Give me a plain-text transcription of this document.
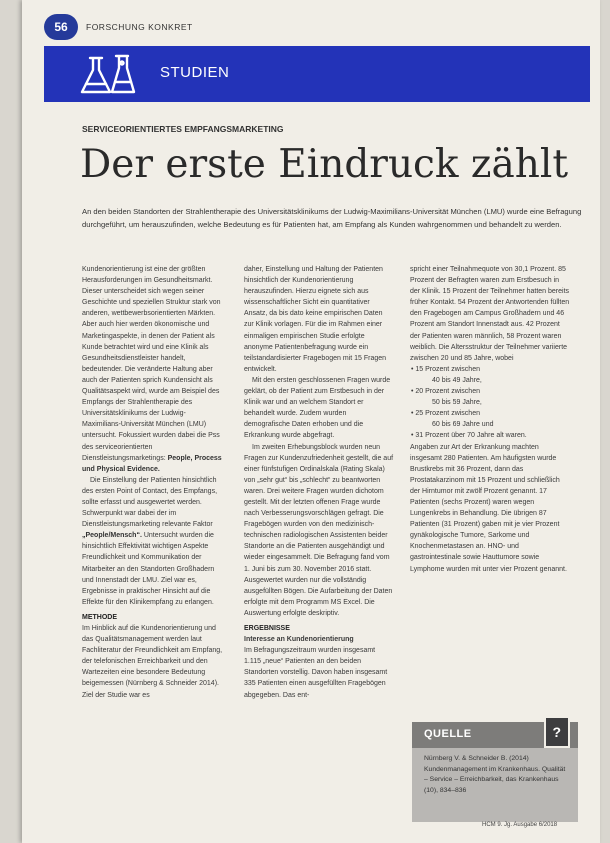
56	FORSCHUNG KONKRET
STUDIEN
SERVICEORIENTIERTES EMPFANGSMARKETING
Der erste Eindruck zählt
An den beiden Standorten der Strahlentherapie des Universitätsklinikums der Ludwig-Maximilians-Universität München (LMU) wurde eine Befragung durchgeführt, um herauszufinden, welche Bedeutung es für Patienten hat, am Empfang als Kunden wahrgenommen und behandelt zu werden.

Kundenorientierung ist eine der größten Herausforderungen im Gesundheitsmarkt. Dieser unterscheidet sich wegen seiner Geschichte und speziellen Struktur stark von anderen, wettbewerbsorientierten Märkten. Aber auch hier werden ökonomische und Marketingaspekte, in denen der Patient als Kunde betrachtet wird und eine Klinik als Gesundheitsdienstleister handelt, bedeutender. Die veränderte Haltung aber auch der Patienten sprich Kundensicht als Qualitätsaspekt wird, wurde am Beispiel des Empfangs der Strahlentherapie des Universitätsklinikums der Ludwig-Maximilians-Universität München (LMU) untersucht. Fokussiert wurden dabei die Pss des serviceorientierten Dienstleistungsmarketings: People, Process und Physical Evidence.

Die Einstellung der Patienten hinsichtlich des ersten Point of Contact, des Empfangs, sollte erfasst und ausgewertet werden. Schwerpunkt war dabei der im Dienstleistungsmarketing relevante Faktor „People/Mensch“. Untersucht wurden die hinsichtlich Effektivität wichtigen Aspekte Freundlichkeit und Kommunikation der Mitarbeiter an den Standorten Großhadern und Innenstadt der LMU. Ziel war es, Ergebnisse in praktischer Hinsicht auf die Effekte für den Klinikempfang zu erlangen.

METHODE

Im Hinblick auf die Kundenorientierung und das Qualitätsmanagement werden laut Fachliteratur der Freundlichkeit am Empfang, der telefonischen Erreichbarkeit und den Wartezeiten eine besondere Bedeutung beigemessen (Nürnberg & Schneider 2014). Ziel der Studie war es

daher, Einstellung und Haltung der Patienten hinsichtlich der Kundenorientierung herauszufinden. Hierzu eignete sich aus wissenschaftlicher Sicht ein quantitativer Ansatz, da bis dato keine empirischen Daten zur Klinik vorlagen. Für die im Rahmen einer einmaligen empirischen Studie erfolgte anonyme Patientenbefragung wurde ein teilstandardisierter Fragebogen mit 15 Fragen entwickelt.

Mit den ersten geschlossenen Fragen wurde geklärt, ob der Patient zum Erstbesuch in der Klinik war und an welchem Standort er behandelt wurde. Zudem wurden demografische Daten erhoben und die Erkrankung wurde abgefragt.

Im zweiten Erhebungsblock wurden neun Fragen zur Kundenzufriedenheit gestellt, die auf einer fünfstufigen Ordinalskala (Rating Skala) von „sehr gut“ bis „schlecht“ zu beantworten waren. Drei weitere Fragen wurden dichotom gestellt. Mit der letzten offenen Frage wurde nach Verbesserungsvorschlägen gefragt. Die Fragebögen wurden von den medizinisch-technischen radiologischen Assistenten beider Standorte an die Patienten ausgehändigt und wieder eingesammelt. Die Befragung fand vom 1. Juni bis zum 30. November 2016 statt. Ausgewertet wurden nur die vollständig ausgefüllten Bögen. Die Aufarbeitung der Daten erfolgte mit dem Programm MS Excel. Die Auswertung erfolgte deskriptiv.

ERGEBNISSE

Interesse an Kundenorientierung

Im Befragungszeitraum wurden insgesamt 1.115 „neue“ Patienten an den beiden Standorten vorstellig. Davon haben insgesamt 335 Patienten einen ausgefüllten Fragebögen abgegeben. Das ent-

spricht einer Teilnahmequote von 30,1 Prozent. 85 Prozent der Befragten waren zum Erstbesuch in der Klinik. 15 Prozent der Teilnehmer hatten bereits früher Kontakt. 54 Prozent der Antwortenden füllten den Fragebogen am Campus Großhadern und 46 Prozent am Standort Innenstadt aus. 42 Prozent der Patienten waren männlich, 58 Prozent waren weiblich. Die Altersstruktur der Teilnehmer variierte zwischen 20 und 85 Jahre, wobei

• 15 Prozent zwischen
40 bis 49 Jahre,
• 20 Prozent zwischen
50 bis 59 Jahre,
• 25 Prozent zwischen
60 bis 69 Jahre und
• 31 Prozent über 70 Jahre alt waren.

Angaben zur Art der Erkrankung machten insgesamt 280 Patienten. Am häufigsten wurde Brustkrebs mit 36 Prozent, dann das Prostatakarzinom mit 15 Prozent und schließlich der Hirntumor mit zwölf Prozent genannt. 17 Patienten (sechs Prozent) waren wegen Lungenkrebs in Behandlung. Die übrigen 87 Patienten (31 Prozent) gaben mit je vier Prozent gynäkologische Tumore, Sarkome und Knochenmetastasen an. HNO- und gastrointestinale sowie Hauttumore sowie Lymphome wurden mit unter vier Prozent genannt.

QUELLE	?
Nürnberg V. & Schneider B. (2014) Kundenmanagement im Krankenhaus. Qualität – Service – Erreichbarkeit, das Krankenhaus (10), 834–836
HCM 9. Jg. Ausgabe 6/2018
